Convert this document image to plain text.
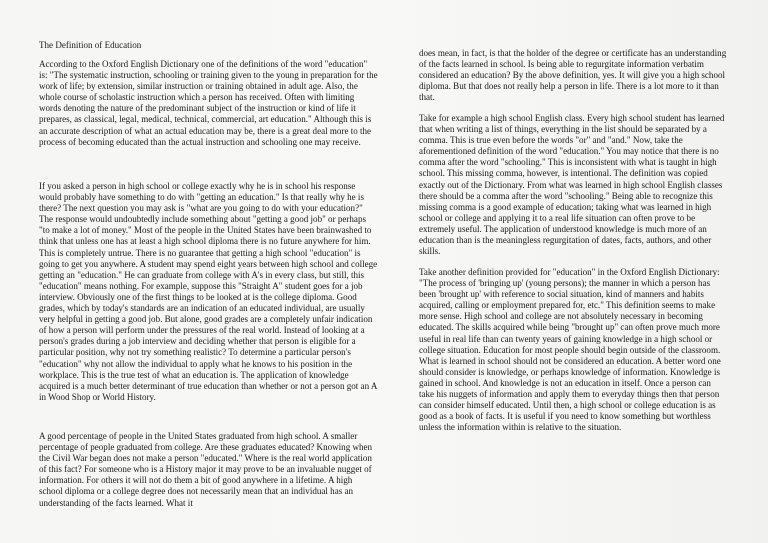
The Definition of Education

According to the Oxford English Dictionary one of the definitions of the word "education" is: "The systematic instruction, schooling or training given to the young in preparation for the work of life; by extension, similar instruction or training obtained in adult age. Also, the whole course of scholastic instruction which a person has received. Often with limiting words denoting the nature of the predominant subject of the instruction or kind of life it prepares, as classical, legal, medical, technical, commercial, art education." Although this is an accurate description of what an actual education may be, there is a great deal more to the process of becoming educated than the actual instruction and schooling one may receive.

If you asked a person in high school or college exactly why he is in school his response would probably have something to do with "getting an education." Is that really why he is there? The next question you may ask is "what are you going to do with your education?" The response would undoubtedly include something about "getting a good job" or perhaps "to make a lot of money." Most of the people in the United States have been brainwashed to think that unless one has at least a high school diploma there is no future anywhere for him. This is completely untrue. There is no guarantee that getting a high school "education" is going to get you anywhere. A student may spend eight years between high school and college getting an "education." He can graduate from college with A's in every class, but still, this "education" means nothing. For example, suppose this "Straight A" student goes for a job interview. Obviously one of the first things to be looked at is the college diploma. Good grades, which by today's standards are an indication of an educated individual, are usually very helpful in getting a good job. But alone, good grades are a completely unfair indication of how a person will perform under the pressures of the real world. Instead of looking at a person's grades during a job interview and deciding whether that person is eligible for a particular position, why not try something realistic? To determine a particular person's "education" why not allow the individual to apply what he knows to his position in the workplace. This is the true test of what an education is. The application of knowledge acquired is a much better determinant of true education than whether or not a person got an A in Wood Shop or World History.

A good percentage of people in the United States graduated from high school. A smaller percentage of people graduated from college. Are these graduates educated? Knowing when the Civil War began does not make a person "educated." Where is the real world application of this fact? For someone who is a History major it may prove to be an invaluable nugget of information. For others it will not do them a bit of good anywhere in a lifetime. A high school diploma or a college degree does not necessarily mean that an individual has an understanding of the facts learned. What it

does mean, in fact, is that the holder of the degree or certificate has an understanding of the facts learned in school. Is being able to regurgitate information verbatim considered an education? By the above definition, yes. It will give you a high school diploma. But that does not really help a person in life. There is a lot more to it than that.

Take for example a high school English class. Every high school student has learned that when writing a list of things, everything in the list should be separated by a comma. This is true even before the words "or" and "and." Now, take the aforementioned definition of the word "education." You may notice that there is no comma after the word "schooling." This is inconsistent with what is taught in high school. This missing comma, however, is intentional. The definition was copied exactly out of the Dictionary. From what was learned in high school English classes there should be a comma after the word "schooling." Being able to recognize this missing comma is a good example of education; taking what was learned in high school or college and applying it to a real life situation can often prove to be extremely useful. The application of understood knowledge is much more of an education than is the meaningless regurgitation of dates, facts, authors, and other skills.

Take another definition provided for "education" in the Oxford English Dictionary: "The process of 'bringing up' (young persons); the manner in which a person has been 'brought up' with reference to social situation, kind of manners and habits acquired, calling or employment prepared for, etc." This definition seems to make more sense. High school and college are not absolutely necessary in becoming educated. The skills acquired while being "brought up" can often prove much more useful in real life than can twenty years of gaining knowledge in a high school or college situation. Education for most people should begin outside of the classroom. What is learned in school should not be considered an education. A better word one should consider is knowledge, or perhaps knowledge of information. Knowledge is gained in school. And knowledge is not an education in itself. Once a person can take his nuggets of information and apply them to everyday things then that person can consider himself educated. Until then, a high school or college education is as good as a book of facts. It is useful if you need to know something but worthless unless the information within is relative to the situation.
